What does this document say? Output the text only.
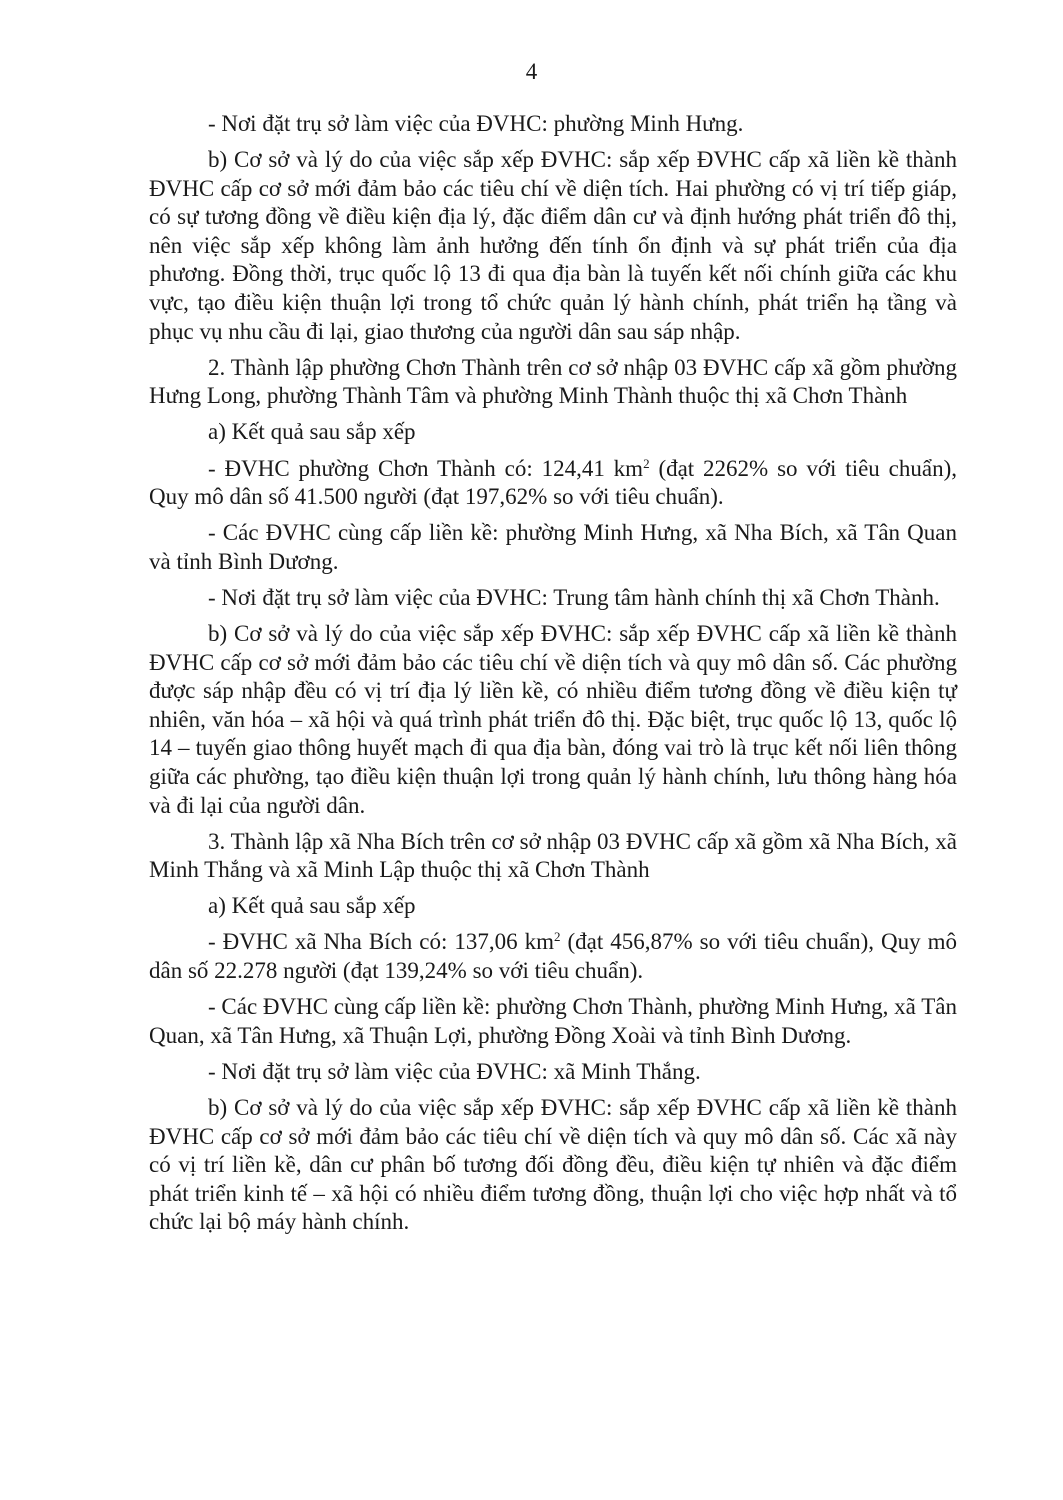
4

- Nơi đặt trụ sở làm việc của ĐVHC: phường Minh Hưng.

b) Cơ sở và lý do của việc sắp xếp ĐVHC: sắp xếp ĐVHC cấp xã liền kề thành ĐVHC cấp cơ sở mới đảm bảo các tiêu chí về diện tích. Hai phường có vị trí tiếp giáp, có sự tương đồng về điều kiện địa lý, đặc điểm dân cư và định hướng phát triển đô thị, nên việc sắp xếp không làm ảnh hưởng đến tính ổn định và sự phát triển của địa phương. Đồng thời, trục quốc lộ 13 đi qua địa bàn là tuyến kết nối chính giữa các khu vực, tạo điều kiện thuận lợi trong tổ chức quản lý hành chính, phát triển hạ tầng và phục vụ nhu cầu đi lại, giao thương của người dân sau sáp nhập.

2. Thành lập phường Chơn Thành trên cơ sở nhập 03 ĐVHC cấp xã gồm phường Hưng Long, phường Thành Tâm và phường Minh Thành thuộc thị xã Chơn Thành

a) Kết quả sau sắp xếp

- ĐVHC phường Chơn Thành có: 124,41 $km^2$ (đạt 2262% so với tiêu chuẩn), Quy mô dân số 41.500 người (đạt 197,62% so với tiêu chuẩn).

- Các ĐVHC cùng cấp liền kề: phường Minh Hưng, xã Nha Bích, xã Tân Quan và tỉnh Bình Dương.

- Nơi đặt trụ sở làm việc của ĐVHC: Trung tâm hành chính thị xã Chơn Thành.

b) Cơ sở và lý do của việc sắp xếp ĐVHC: sắp xếp ĐVHC cấp xã liền kề thành ĐVHC cấp cơ sở mới đảm bảo các tiêu chí về diện tích và quy mô dân số. Các phường được sáp nhập đều có vị trí địa lý liền kề, có nhiều điểm tương đồng về điều kiện tự nhiên, văn hóa – xã hội và quá trình phát triển đô thị. Đặc biệt, trục quốc lộ 13, quốc lộ 14 – tuyến giao thông huyết mạch đi qua địa bàn, đóng vai trò là trục kết nối liên thông giữa các phường, tạo điều kiện thuận lợi trong quản lý hành chính, lưu thông hàng hóa và đi lại của người dân.

3. Thành lập xã Nha Bích trên cơ sở nhập 03 ĐVHC cấp xã gồm xã Nha Bích, xã Minh Thắng và xã Minh Lập thuộc thị xã Chơn Thành

a) Kết quả sau sắp xếp

- ĐVHC xã Nha Bích có: 137,06 $km^2$ (đạt 456,87% so với tiêu chuẩn), Quy mô dân số 22.278 người (đạt 139,24% so với tiêu chuẩn).

- Các ĐVHC cùng cấp liền kề: phường Chơn Thành, phường Minh Hưng, xã Tân Quan, xã Tân Hưng, xã Thuận Lợi, phường Đồng Xoài và tỉnh Bình Dương.

- Nơi đặt trụ sở làm việc của ĐVHC: xã Minh Thắng.

b) Cơ sở và lý do của việc sắp xếp ĐVHC: sắp xếp ĐVHC cấp xã liền kề thành ĐVHC cấp cơ sở mới đảm bảo các tiêu chí về diện tích và quy mô dân số. Các xã này có vị trí liền kề, dân cư phân bố tương đối đồng đều, điều kiện tự nhiên và đặc điểm phát triển kinh tế – xã hội có nhiều điểm tương đồng, thuận lợi cho việc hợp nhất và tổ chức lại bộ máy hành chính.
